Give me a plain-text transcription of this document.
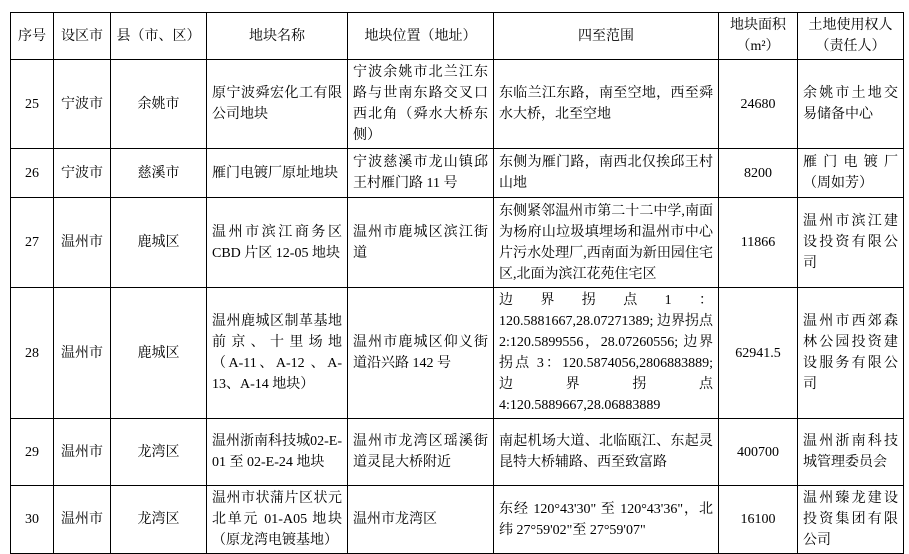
序号	设区市	县（市、区）	地块名称	地块位置（地址）	四至范围	地块面积（m²）	土地使用权人（责任人）
25	宁波市	余姚市	原宁波舜宏化工有限公司地块	宁波余姚市北兰江东路与世南东路交叉口西北角（舜水大桥东侧）	东临兰江东路，南至空地，西至舜水大桥，北至空地	24680	余姚市土地交易储备中心
26	宁波市	慈溪市	雁门电镀厂原址地块	宁波慈溪市龙山镇邱王村雁门路 11 号	东侧为雁门路，南西北仅挨邱王村山地	8200	雁门电镀厂（周如芳）
27	温州市	鹿城区	温州市滨江商务区CBD 片区 12-05 地块	温州市鹿城区滨江街道	东侧紧邻温州市第二十二中学,南面为杨府山垃圾填埋场和温州市中心片污水处理厂,西南面为新田园住宅区,北面为滨江花苑住宅区	11866	温州市滨江建设投资有限公司
28	温州市	鹿城区	温州鹿城区制革基地前京、十里场地 （A-11、A-12 、A-13、A-14 地块）	温州市鹿城区仰义街道沿兴路 142 号	边界拐点1：120.5881667,28.07271389; 边界拐点 2:120.5899556，28.07260556; 边界拐点 3：120.5874056,2806883889; 边界拐点 4:120.5889667,28.06883889	62941.5	温州市西郊森林公园投资建设服务有限公司
29	温州市	龙湾区	温州浙南科技城02-E-01 至 02-E-24 地块	温州市龙湾区瑶溪街道灵昆大桥附近	南起机场大道、北临瓯江、东起灵昆特大桥辅路、西至致富路	400700	温州浙南科技城管理委员会
30	温州市	龙湾区	温州市状蒲片区状元北单元 01-A05 地块（原龙湾电镀基地）	温州市龙湾区	东经 120°43'30" 至 120°43'36"，北纬 27°59'02"至 27°59'07"	16100	温州臻龙建设投资集团有限公司
